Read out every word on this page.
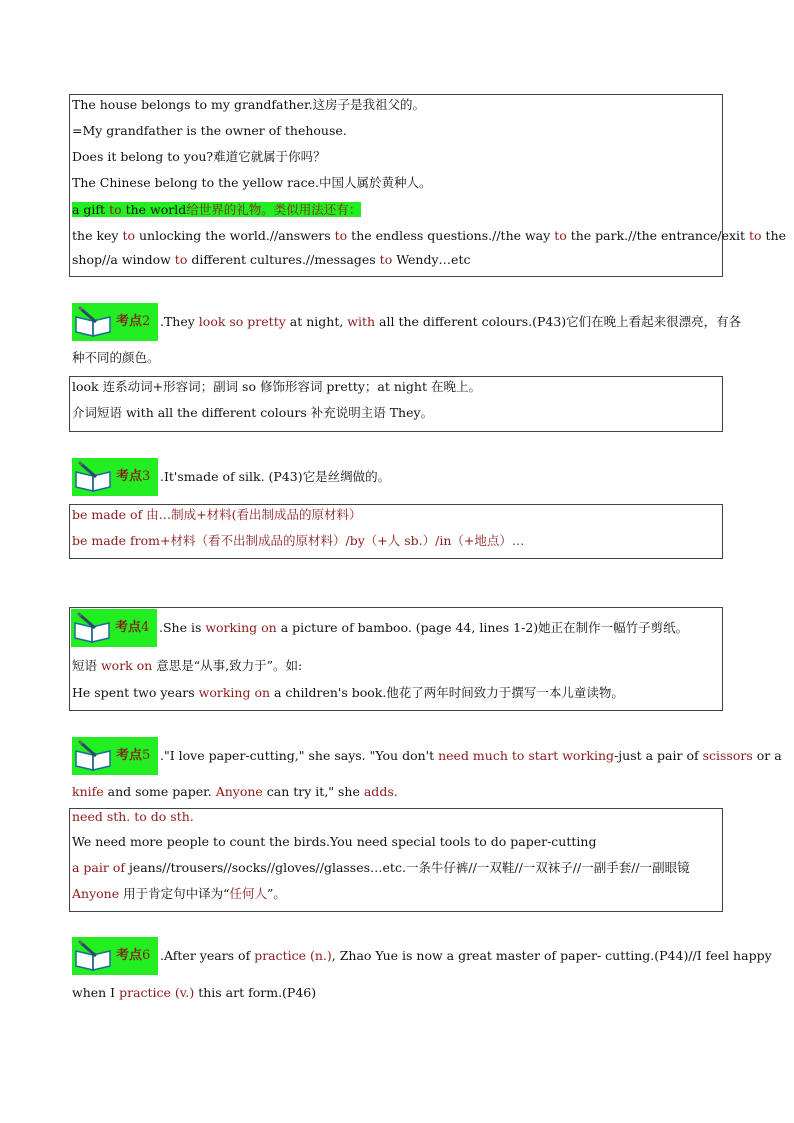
The house belongs to my grandfather.这房子是我祖父的。
=My grandfather is the owner of thehouse.
Does it belong to you?难道它就属于你吗？
The Chinese belong to the yellow race.中国人属於黄种人。
a gift to the world给世界的礼物。类似用法还有：
the key to unlocking the world.//answers to the endless questions.//the way to the park.//the entrance/exit to the
shop//a window to different cultures.//messages to Wendy…etc
考点2 .They look so pretty at night, with all the different colours.(P43)它们在晚上看起来很漂亮，有各
种不同的颜色。
look 连系动词+形容词；副词 so 修饰形容词 pretty；at night 在晚上。
介词短语 with all the different colours 补充说明主语 They。
考点3 .It'smade of silk. (P43)它是丝绸做的。
be made of 由…制成+材料(看出制成品的原材料）
be made from+材料（看不出制成品的原材料）/by（+人 sb.）/in（+地点）…
考点4 .She is working on a picture of bamboo. (page 44, lines 1-2)她正在制作一幅竹子剪纸。
短语 work on 意思是“从事,致力于”。如:
He spent two years working on a children's book.他花了两年时间致力于撰写一本儿童读物。
考点5 ."I love paper-cutting," she says. "You don't need much to start working-just a pair of scissors or a
knife and some paper. Anyone can try it," she adds.
need sth. to do sth.
We need more people to count the birds.You need special tools to do paper-cutting
a pair of jeans//trousers//socks//gloves//glasses…etc.一条牛仔裤//一双鞋//一双袜子//一副手套//一副眼镜
Anyone 用于肯定句中译为“任何人”。
考点6 .After years of practice (n.), Zhao Yue is now a great master of paper- cutting.(P44)//I feel happy
when I practice (v.) this art form.(P46)
